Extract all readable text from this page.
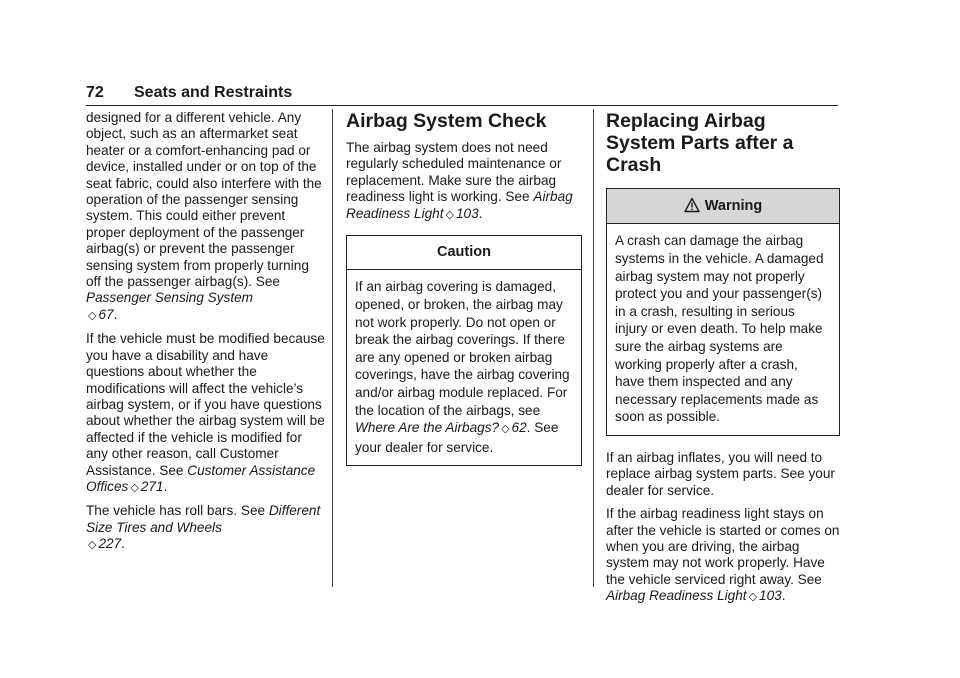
72 Seats and Restraints

designed for a different vehicle. Any object, such as an aftermarket seat heater or a comfort-enhancing pad or device, installed under or on top of the seat fabric, could also interfere with the operation of the passenger sensing system. This could either prevent proper deployment of the passenger airbag(s) or prevent the passenger sensing system from properly turning off the passenger airbag(s). See Passenger Sensing System
◇ 67.

If the vehicle must be modified because you have a disability and have questions about whether the modifications will affect the vehicle’s airbag system, or if you have questions about whether the airbag system will be affected if the vehicle is modified for any other reason, call Customer Assistance. See Customer Assistance Offices ◇ 271.

The vehicle has roll bars. See Different Size Tires and Wheels
◇ 227.

Airbag System Check

The airbag system does not need regularly scheduled maintenance or replacement. Make sure the airbag readiness light is working. See Airbag Readiness Light ◇ 103.

Caution

If an airbag covering is damaged, opened, or broken, the airbag may not work properly. Do not open or break the airbag coverings. If there are any opened or broken airbag coverings, have the airbag covering and/or airbag module replaced. For the location of the airbags, see Where Are the Airbags? ◇ 62. See your dealer for service.

Replacing Airbag System Parts after a Crash
Warning

A crash can damage the airbag systems in the vehicle. A damaged airbag system may not properly protect you and your passenger(s) in a crash, resulting in serious injury or even death. To help make sure the airbag systems are working properly after a crash, have them inspected and any necessary replacements made as soon as possible.

If an airbag inflates, you will need to replace airbag system parts. See your dealer for service.

If the airbag readiness light stays on after the vehicle is started or comes on when you are driving, the airbag system may not work properly. Have the vehicle serviced right away. See Airbag Readiness Light ◇ 103.
